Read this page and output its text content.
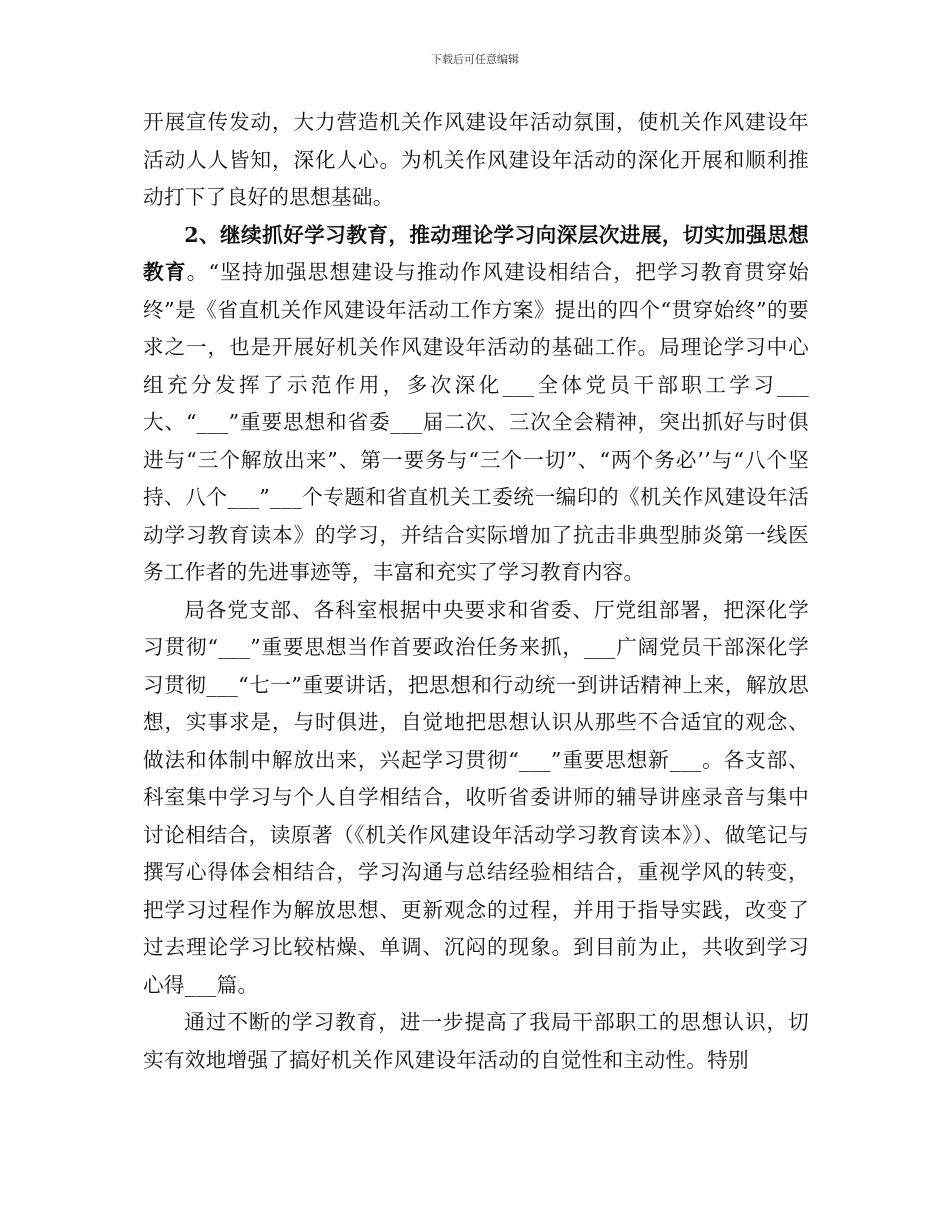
下载后可任意编辑

开展宣传发动，大力营造机关作风建设年活动氛围，使机关作风建设年活动人人皆知，深化人心。为机关作风建设年活动的深化开展和顺利推动打下了良好的思想基础。

2、继续抓好学习教育，推动理论学习向深层次进展，切实加强思想教育。“坚持加强思想建设与推动作风建设相结合，把学习教育贯穿始终”是《省直机关作风建设年活动工作方案》提出的四个“贯穿始终”的要求之一，也是开展好机关作风建设年活动的基础工作。局理论学习中心组充分发挥了示范作用，多次深化___全体党员干部职工学习___大、“___”重要思想和省委___届二次、三次全会精神，突出抓好与时俱进与“三个解放出来”、第一要务与“三个一切”、“两个务必’’与“八个坚持、八个___”___个专题和省直机关工委统一编印的《机关作风建设年活动学习教育读本》的学习，并结合实际增加了抗击非典型肺炎第一线医务工作者的先进事迹等，丰富和充实了学习教育内容。

局各党支部、各科室根据中央要求和省委、厅党组部署，把深化学习贯彻“___”重要思想当作首要政治任务来抓，___广阔党员干部深化学习贯彻___“七一”重要讲话，把思想和行动统一到讲话精神上来，解放思想，实事求是，与时俱进，自觉地把思想认识从那些不合适宜的观念、做法和体制中解放出来，兴起学习贯彻“___”重要思想新___。各支部、科室集中学习与个人自学相结合，收听省委讲师的辅导讲座录音与集中讨论相结合，读原著（《机关作风建设年活动学习教育读本》）、做笔记与撰写心得体会相结合，学习沟通与总结经验相结合，重视学风的转变，把学习过程作为解放思想、更新观念的过程，并用于指导实践，改变了过去理论学习比较枯燥、单调、沉闷的现象。到目前为止，共收到学习心得___篇。

通过不断的学习教育，进一步提高了我局干部职工的思想认识，切实有效地增强了搞好机关作风建设年活动的自觉性和主动性。特别
